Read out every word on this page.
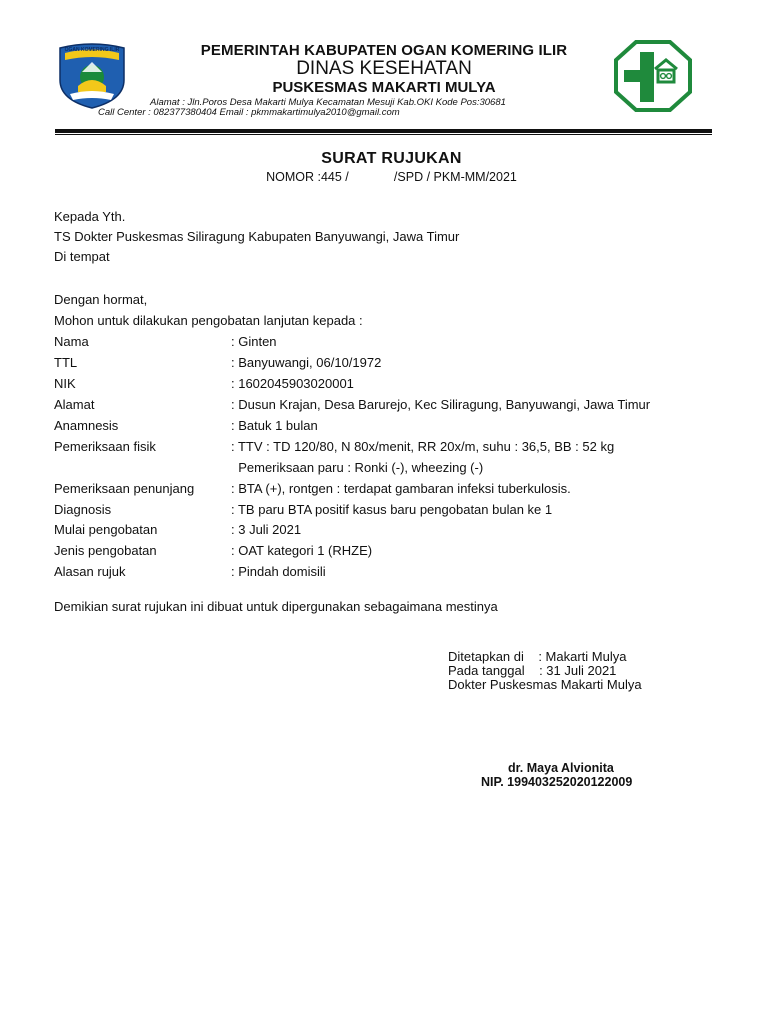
OGAN KOMERING ILIR	PEMERINTAH KABUPATEN OGAN KOMERING ILIR
DINAS KESEHATAN
PUSKESMAS MAKARTI MULYA
Alamat : Jln.Poros Desa Makarti Mulya Kecamatan Mesuji Kab.OKI Kode Pos:30681
Call Center : 082377380404 Email : pkmmakartimulya2010@gmail.com
SURAT RUJUKAN
NOMOR :445 /             /SPD / PKM-MM/2021
Kepada Yth.
TS Dokter Puskesmas Siliragung Kabupaten Banyuwangi, Jawa Timur
Di tempat
Dengan hormat,
Mohon untuk dilakukan pengobatan lanjutan kepada :
Nama	: Ginten
TTL	: Banyuwangi, 06/10/1972
NIK	: 1602045903020001
Alamat	: Dusun Krajan, Desa Barurejo, Kec Siliragung, Banyuwangi, Jawa Timur
Anamnesis	: Batuk 1 bulan
Pemeriksaan fisik	: TTV : TD 120/80, N 80x/menit, RR 20x/m, suhu : 36,5, BB : 52 kg
Pemeriksaan paru : Ronki (-), wheezing (-)
Pemeriksaan penunjang	: BTA (+), rontgen : terdapat gambaran infeksi tuberkulosis.
Diagnosis	: TB paru BTA positif kasus baru pengobatan bulan ke 1
Mulai pengobatan	: 3 Juli 2021
Jenis pengobatan	: OAT kategori 1 (RHZE)
Alasan rujuk	: Pindah domisili
Demikian surat rujukan ini dibuat untuk dipergunakan sebagaimana mestinya
Ditetapkan di    : Makarti Mulya
Pada tanggal    : 31 Juli 2021
Dokter Puskesmas Makarti Mulya
dr. Maya Alvionita
NIP. 199403252020122009
